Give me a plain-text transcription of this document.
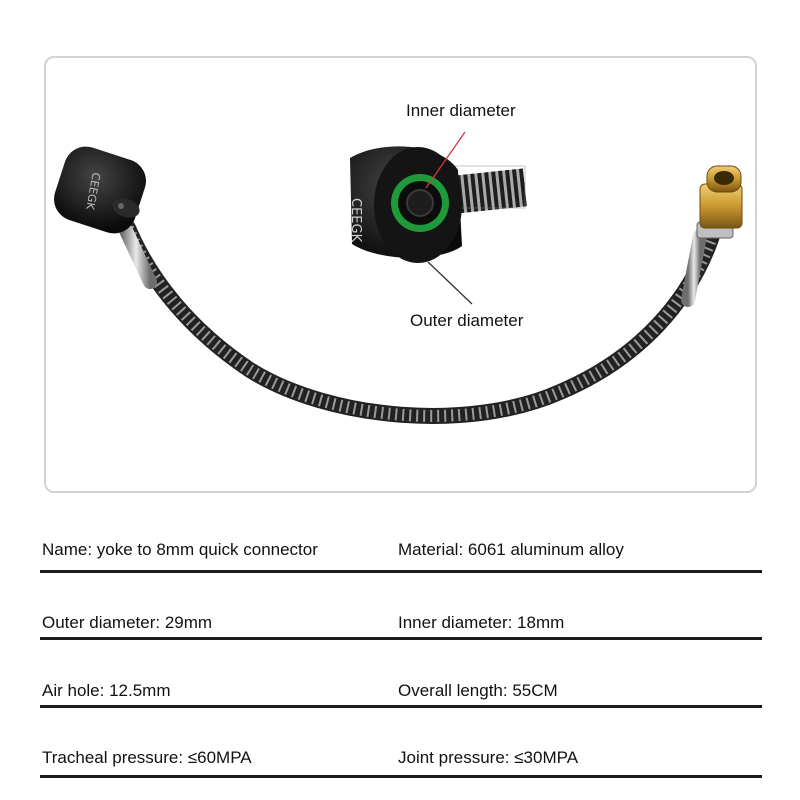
CEEGK
CEEGK
Inner diameter
Outer diameter
Name: yoke to 8mm quick connector	Material: 6061 aluminum alloy
Outer diameter: 29mm	Inner diameter: 18mm
Air hole: 12.5mm	Overall length: 55CM
Tracheal pressure: ≤60MPA	Joint pressure: ≤30MPA
